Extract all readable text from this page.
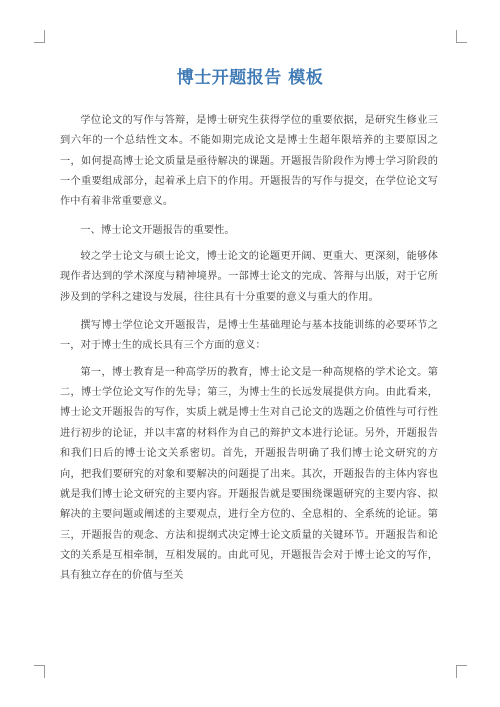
博士开题报告 模板

学位论文的写作与答辩，是博士研究生获得学位的重要依据，是研究生修业三到六年的一个总结性文本。不能如期完成论文是博士生超年限培养的主要原因之一，如何提高博士论文质量是亟待解决的课题。开题报告阶段作为博士学习阶段的一个重要组成部分，起着承上启下的作用。开题报告的写作与提交，在学位论文写作中有着非常重要意义。

一、博士论文开题报告的重要性。

较之学士论文与硕士论文，博士论文的论题更开阔、更重大、更深刻，能够体现作者达到的学术深度与精神境界。一部博士论文的完成、答辩与出版，对于它所涉及到的学科之建设与发展，往往具有十分重要的意义与重大的作用。

撰写博士学位论文开题报告，是博士生基础理论与基本技能训练的必要环节之一，对于博士生的成长具有三个方面的意义：

第一，博士教育是一种高学历的教育，博士论文是一种高规格的学术论文。第二，博士学位论文写作的先导；第三，为博士生的长远发展提供方向。由此看来，博士论文开题报告的写作，实质上就是博士生对自己论文的选题之价值性与可行性进行初步的论证，并以丰富的材料作为自己的辩护文本进行论证。另外，开题报告和我们日后的博士论文关系密切。首先，开题报告明确了我们博士论文研究的方向，把我们要研究的对象和要解决的问题提了出来。其次，开题报告的主体内容也就是我们博士论文研究的主要内容。开题报告就是要围绕课题研究的主要内容、拟解决的主要问题或阐述的主要观点，进行全方位的、全息相的、全系统的论证。第三，开题报告的观念、方法和提纲式决定博士论文质量的关键环节。开题报告和论文的关系是互相牵制，互相发展的。由此可见，开题报告会对于博士论文的写作，具有独立存在的价值与至关
